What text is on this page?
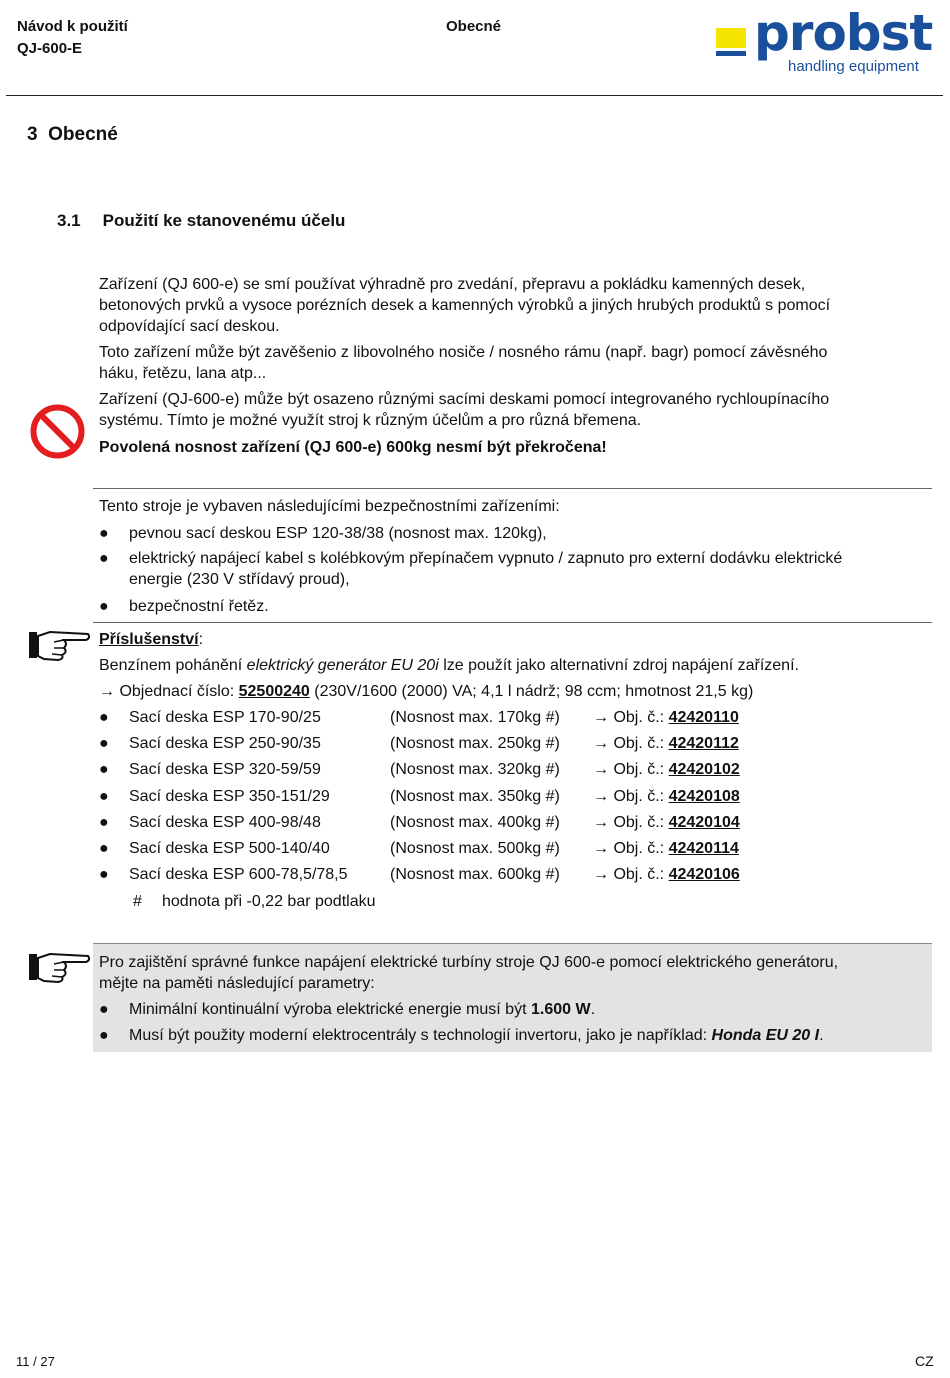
Návod k použití
QJ-600-E
Obecné	probst
handling equipment
3 Obecné
3.1 Použití ke stanovenému účelu
Zařízení (QJ 600-e) se smí používat výhradně pro zvedání, přepravu a pokládku kamenných desek,
betonových prvků a vysoce porézních desek a kamenných výrobků a jiných hrubých produktů s pomocí
odpovídající sací deskou.
Toto zařízení může být zavěšenio z libovolného nosiče / nosného rámu (např. bagr) pomocí závěsného
háku, řetězu, lana atp...
Zařízení (QJ-600-e) může být osazeno různými sacími deskami pomocí integrovaného rychloupínacího
systému. Tímto je možné využít stroj k různým účelům a pro různá břemena.
Povolená nosnost zařízení (QJ 600-e) 600kg nesmí být překročena!
Tento stroje je vybaven následujícími bezpečnostními zařízeními:
● pevnou sací deskou ESP 120-38/38 (nosnost max. 120kg),
● elektrický napájecí kabel s kolébkovým přepínačem vypnuto / zapnuto pro externí dodávku elektrické
energie (230 V střídavý proud),
● bezpečnostní řetěz.
Příslušenství:
Benzínem pohánění elektrický generátor EU 20i lze použít jako alternativní zdroj napájení zařízení.
→ Objednací číslo: 52500240 (230V/1600 (2000) VA; 4,1 l nádrž; 98 ccm; hmotnost 21,5 kg)
● Sací deska ESP 170-90/25	(Nosnost max. 170kg #) → Obj. č.: 42420110
● Sací deska ESP 250-90/35	(Nosnost max. 250kg #) → Obj. č.: 42420112
● Sací deska ESP 320-59/59	(Nosnost max. 320kg #) → Obj. č.: 42420102
● Sací deska ESP 350-151/29	(Nosnost max. 350kg #) → Obj. č.: 42420108
● Sací deska ESP 400-98/48	(Nosnost max. 400kg #) → Obj. č.: 42420104
● Sací deska ESP 500-140/40	(Nosnost max. 500kg #) → Obj. č.: 42420114
● Sací deska ESP 600-78,5/78,5	(Nosnost max. 600kg #) → Obj. č.: 42420106
# hodnota při -0,22 bar podtlaku
Pro zajištění správné funkce napájení elektrické turbíny stroje QJ 600-e pomocí elektrického generátoru,
mějte na paměti následující parametry:
● Minimální kontinuální výroba elektrické energie musí být 1.600 W.
● Musí být použity moderní elektrocentrály s technologií invertoru, jako je například: Honda EU 20 I.
11 / 27	CZ
